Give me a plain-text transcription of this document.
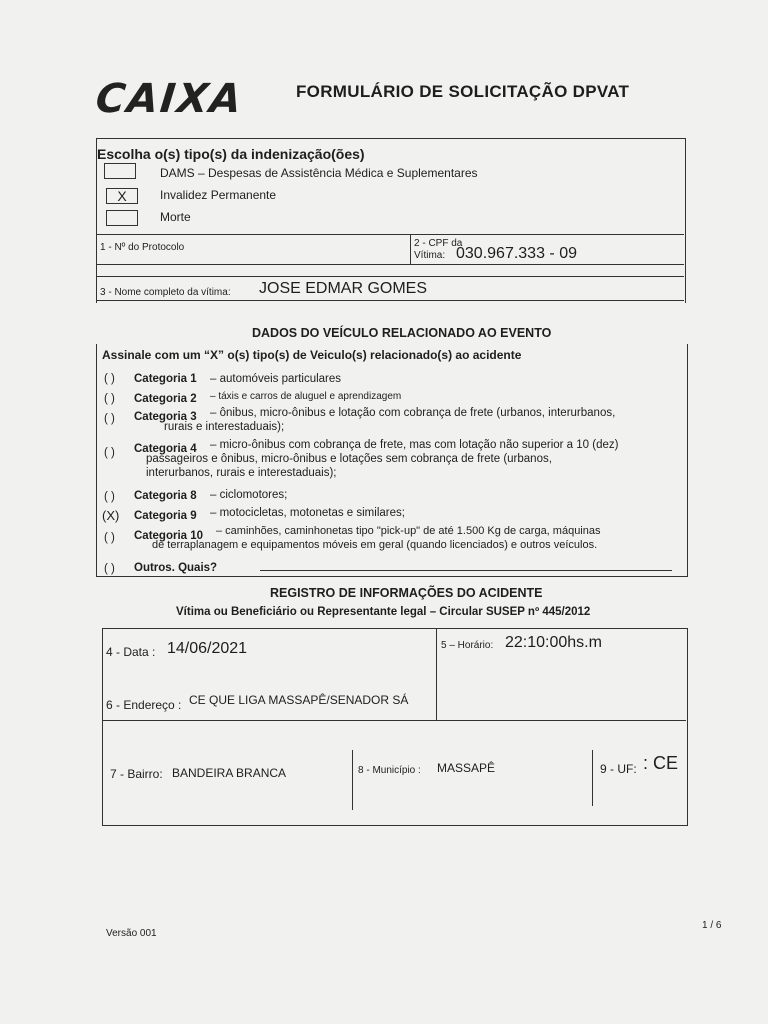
CAIXA	FORMULÁRIO DE SOLICITAÇÃO DPVAT
Escolha o(s) tipo(s) da indenização(ões)
DAMS – Despesas de Assistência Médica e Suplementares
X	Invalidez Permanente
Morte
1 - Nº do Protocolo	2 - CPF da
Vítima: 030.967.333 - 09
3 - Nome completo da vítima: JOSE EDMAR GOMES
DADOS DO VEÍCULO RELACIONADO AO EVENTO
Assinale com um “X” o(s) tipo(s) de Veiculo(s) relacionado(s) ao acidente
( ) Categoria 1 – automóveis particulares
( ) Categoria 2 – táxis e carros de aluguel e aprendizagem
( ) Categoria 3 – ônibus, micro-ônibus e lotação com cobrança de frete (urbanos, interurbanos,
rurais e interestaduais);
( ) Categoria 4 – micro-ônibus com cobrança de frete, mas com lotação não superior a 10 (dez)
passageiros e ônibus, micro-ônibus e lotações sem cobrança de frete (urbanos,
interurbanos, rurais e interestaduais);
( ) Categoria 8 – ciclomotores;
(X) Categoria 9 – motocicletas, motonetas e similares;
( ) Categoria 10 – caminhões, caminhonetas tipo "pick-up" de até 1.500 Kg de carga, máquinas
de terraplanagem e equipamentos móveis em geral (quando licenciados) e outros veículos.
( ) Outros. Quais?
REGISTRO DE INFORMAÇÕES DO ACIDENTE
Vítima ou Beneficiário ou Representante legal – Circular SUSEP nº 445/2012
4 - Data : 14/06/2021	5 – Horário: 22:10:00hs.m
6 - Endereço : CE QUE LIGA MASSAPÊ/SENADOR SÁ
7 - Bairro: BANDEIRA BRANCA	8 - Município : MASSAPÊ	9 - UF: : CE
Versão 001
1 / 6
